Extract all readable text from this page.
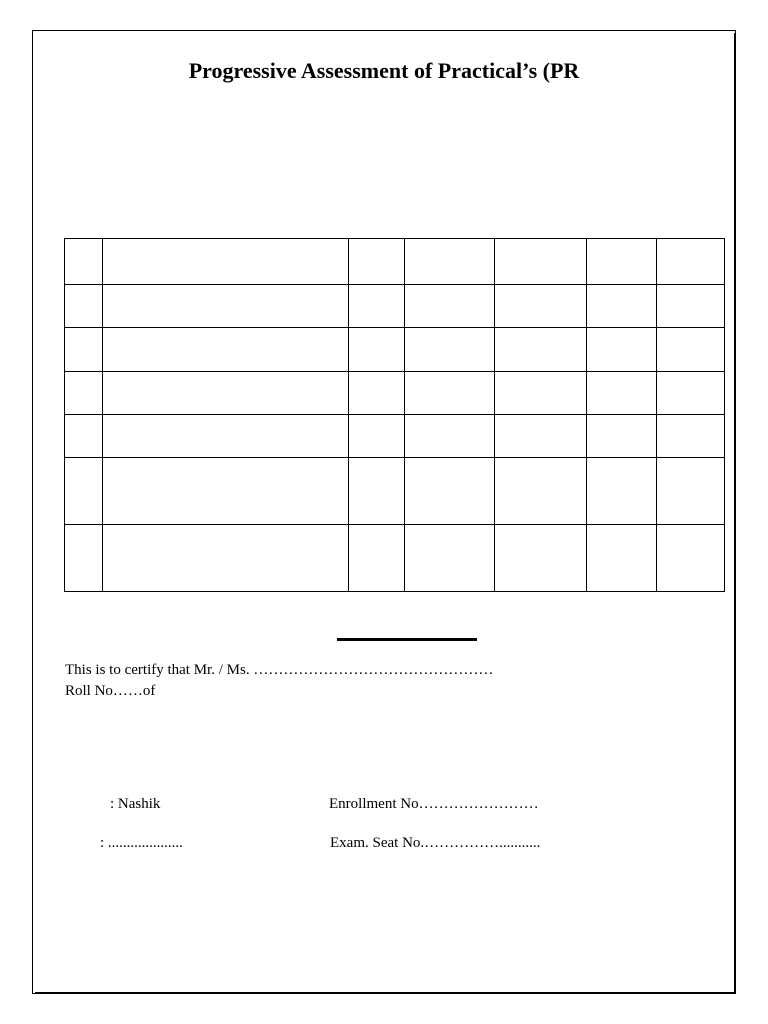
Progressive Assessment of Practical’s (PR

This is to certify that Mr. / Ms. …………………………………………
Roll No……of
: Nashik	Enrollment No……………………
: ....................	Exam. Seat No.……………...........
